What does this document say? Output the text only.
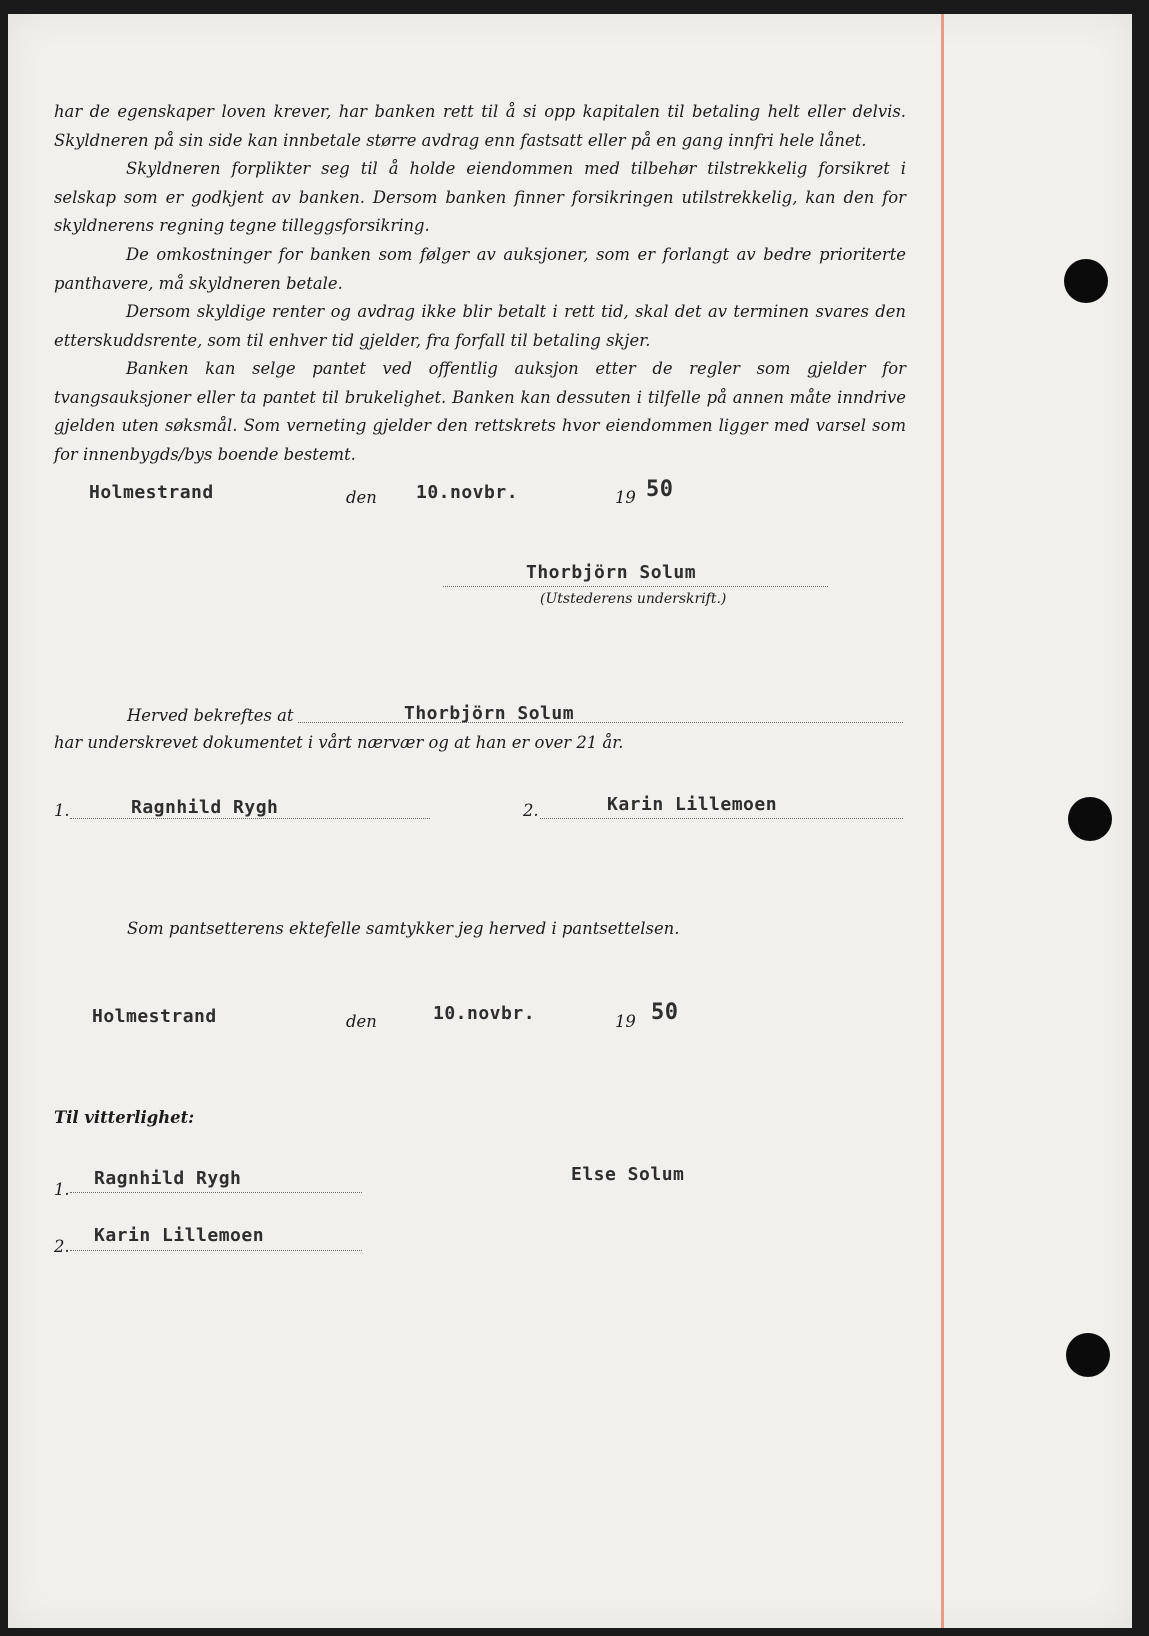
har de egenskaper loven krever, har banken rett til å si opp kapitalen til betaling helt eller delvis. Skyldneren på sin side kan innbetale større avdrag enn fastsatt eller på en gang innfri hele lånet.

Skyldneren forplikter seg til å holde eiendommen med tilbehør tilstrekkelig forsikret i selskap som er godkjent av banken. Dersom banken finner forsikringen utilstrekkelig, kan den for skyldnerens regning tegne tilleggsforsikring.

De omkostninger for banken som følger av auksjoner, som er forlangt av bedre prioriterte panthavere, må skyldneren betale.

Dersom skyldige renter og avdrag ikke blir betalt i rett tid, skal det av terminen svares den etterskuddsrente, som til enhver tid gjelder, fra forfall til betaling skjer.

Banken kan selge pantet ved offentlig auksjon etter de regler som gjelder for tvangsauksjoner eller ta pantet til brukelighet. Banken kan dessuten i tilfelle på annen måte inndrive gjelden uten søksmål. Som verneting gjelder den rettskrets hvor eiendommen ligger med varsel som for innenbygds/bys boende bestemt.

Holmestrand	den 10.novbr.	19 50
Thorbjörn Solum
(Utstederens underskrift.)
Herved bekreftes at	Thorbjörn Solum
har underskrevet dokumentet i vårt nærvær og at han er over 21 år.
1.	Ragnhild Rygh	2.	Karin Lillemoen
Som pantsetterens ektefelle samtykker jeg herved i pantsettelsen.
Holmestrand	den	10.novbr.	19 50
Til vitterlighet:
1.
Ragnhild Rygh	Else Solum
2.
Karin Lillemoen
